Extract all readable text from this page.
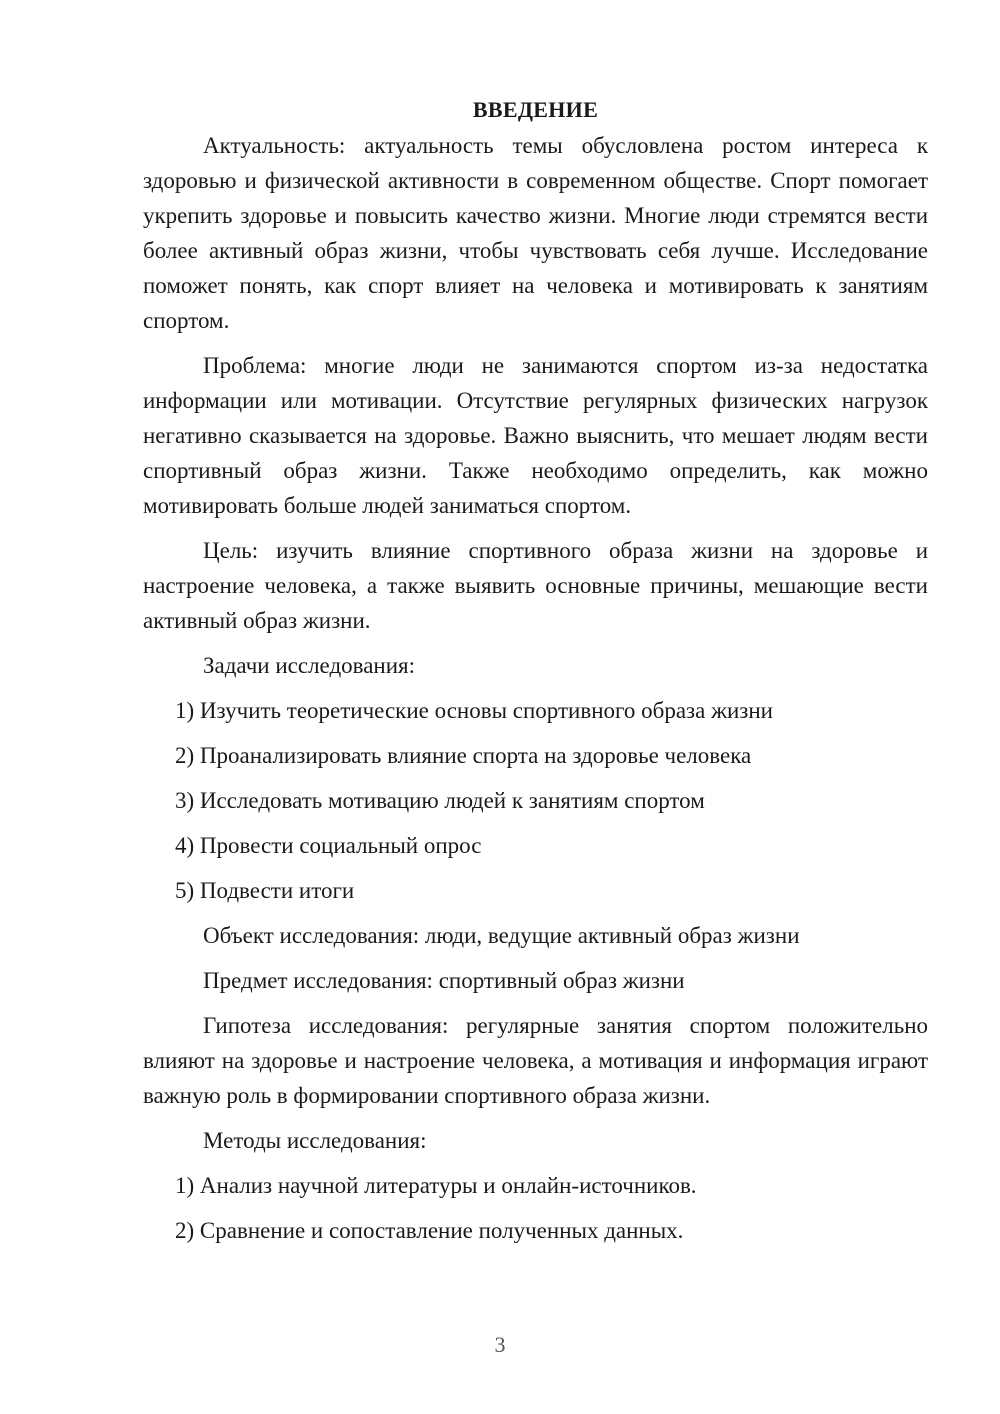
ВВЕДЕНИЕ

Актуальность: актуальность темы обусловлена ростом интереса к здоровью и физической активности в современном обществе. Спорт помогает укрепить здоровье и повысить качество жизни. Многие люди стремятся вести более активный образ жизни, чтобы чувствовать себя лучше. Исследование поможет понять, как спорт влияет на человека и мотивировать к занятиям спортом.

Проблема: многие люди не занимаются спортом из-за недостатка информации или мотивации. Отсутствие регулярных физических нагрузок негативно сказывается на здоровье. Важно выяснить, что мешает людям вести спортивный образ жизни. Также необходимо определить, как можно мотивировать больше людей заниматься спортом.

Цель: изучить влияние спортивного образа жизни на здоровье и настроение человека, а также выявить основные причины, мешающие вести активный образ жизни.

Задачи исследования:
1) Изучить теоретические основы спортивного образа жизни
2) Проанализировать влияние спорта на здоровье человека
3) Исследовать мотивацию людей к занятиям спортом
4) Провести социальный опрос
5) Подвести итоги
Объект исследования: люди, ведущие активный образ жизни
Предмет исследования: спортивный образ жизни

Гипотеза исследования: регулярные занятия спортом положительно влияют на здоровье и настроение человека, а мотивация и информация играют важную роль в формировании спортивного образа жизни.

Методы исследования:
1) Анализ научной литературы и онлайн-источников.
2) Сравнение и сопоставление полученных данных.
3
